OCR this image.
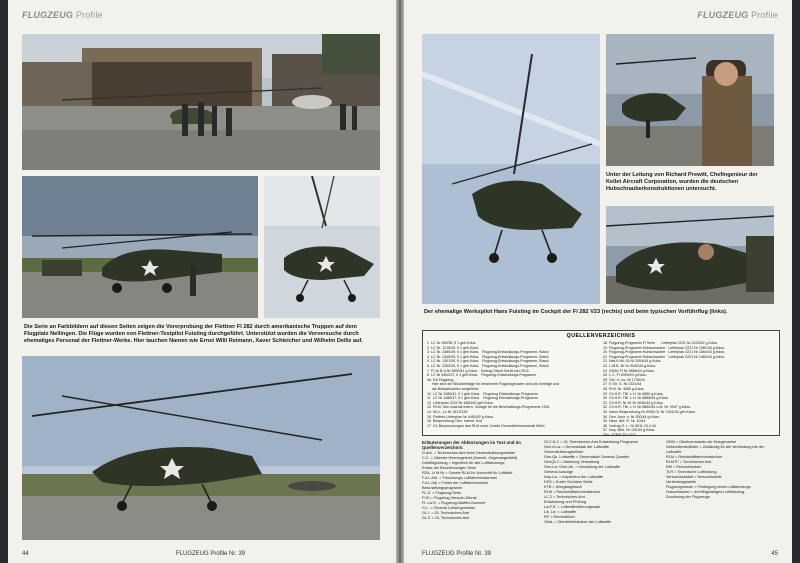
FLUGZEUG Profile
Die Serie an Farbbildern auf diesen Seiten zeigen die Vorerprobung der Flettner Fl 282 durch amerikanische Truppen auf dem Flugplatz Nellingen. Die Flüge wurden von Flettner-Testpilot Fuisting durchgeführt. Unterstützt wurden die Vorversuche durch ehemaliges Personal der Flettner-Werke. Hier tauchen Namen wie Ernst Willi Reimann, Xaver Schleicher und Wilhelm Delliz auf.
44	FLUGZEUG Profile Nr. 39
FLUGZEUG Profile
Unter der Leitung von Richard Prewitt, Chefingenieur der Kellet Aircraft Corporation, wurden die deutschen Hubschrauberkonstruktionen untersucht.
Der ehemalige Werkspilot Hans Fuisting im Cockpit der Fl 282 V23 (rechts) und beim typischen Vorführflug (links).
QUELLENVERZEICHNIS
1  LC Nr 289/35, fl 1 geh.Kdos.
2  LC Nr. 1218/39, fl 1 geh.Kdos.
3  LC Nr. 2480/39, fl 1 geh.Kdos.   Flugzeug-Entwicklungs-Programm, Stand
4  LC Nr. 1345/39, fl 1 geh.Kdos.   Flugzeug-Entwicklungs-Programm, Stand
5  LC Nr. 1301/39, fl 1 geh.Kdos.   Flugzeug-Entwicklungs-Programm, Stand
6  LC Nr. 2350/39, fl 1 geh.Kdos.   Flugzeug-Entwicklungs-Programm, Stand
7  Fl 2e B-A Nr 8090/41 g Kdos.   Vortrag Stand Gerät vom 30.6.
8  LC Nr 4452/37, fl 1 geh.Kdos.   Flugzeug-Entwicklungs-Programm
9a  EA Flugzeug
Hier sind die Stückbeiträge für bestimmte Flugzeugmuster sind als Vorträge und
als Beispielzahlen aufgeführt.
10  LC Nr 1080/41, fl 1 geh.Kdos.   Flugzeug Entwicklungs Programm
11  LC Nr 1486/37, fl 1 geh.Kdos.   Flugzeug Entwicklungs-Programm
12  Lieferplan 2222 Nr 4883/42 geh.Kdos.
13  RLM, Gen.Ausrüst.Intern. Vorlage für die Beschaffungs-Programme 1941
14  W.U., Lo Nr 2412/139
15  Flettner Lieferplan Nr 4450/42 g Kdos.
16  Besprechung Gen. Intend. Kos
17  GL Besprechungen des RLM unter Vorsitz Generalfeldmarschall Milch
18  Flugzeug-Programm Fl Serie      Lieferplan 2221 Nr 2223/42 g.Kdos.
19  Flugzeug-Programm Hubschrauber   Lieferplan 2221 Nr 1581/43 g.Kdos.
20  Flugzeug-Programm Hubschrauber   Lieferplan 2221 Nr 1664/43 g.Kdos.
21  Flugzeug-Programm Hubschrauber   Lieferplan 2221 Nr 1460/44 g.Kdos.
22  Nes II Mo 15 Nr 2004/44 g.Kdos.
23  L.W.B. Br Nr 3042/44 g.Kdos.
24  GHAV Fl Nr 9886/44 g.Kdos.
25  L.C. Fl 4099/43 g.Kdos.
26  Gst. d. Lw. Nr 1705/44
27  E Str. G. Nr 2321/44
28  Prüf. Nr. 4080 g.Kdos.
29  Ch.H.R. Tilli. L.H. Nr 8860 g.Kdos.
30  Ch.H.R. Tilli. L.H. Nr 8885/44 g.Kdos.
31  Ch.H.R. Nr 81 Nr 9036/44 g.Kdos.
32  Ch.H.R. Tilli. L.H. Nr 8860/44 u.M. Nr. 9007 g.Kdos.
33  Intern Besprechung Nr 9008 GL Nr 1901/42 geh.Kdos.
34  Gen. Ausr. u. Nr 300/44 g.Kdos.
35  Nesz. Abt. R. Nr. 10/44
36  Vortrag G. L. Nr 9011 24.4.44
37  Insp. Betr. Nr 100/44 g.Kdos.
38a  XTBIS 'FLUGS'
Erläuterungen der Abkürzungen im Text und im Quellenverzeichnis:
D.Arb. = Technisches Amt beim Generalluftzeugmeister
C.C. = Oberste Heeresgericht (Amerik. Gegenangestellt)
Drehflügelzeug = eigentlich für alle Luftfahrzeuge
Erlass der Bezeichnungen Serie
RZA- Lt M Nr = Gesetz RLM-Nr Vorschrift für Luftfahrt
F.d.L.Arb. = Forschungs-Luftfahrtministerium
F.d.L./Ab = Fehler der Luftfahrtindustrie
Beschaffungsprogramm
FL.S. = Flugzeug-Serie
FVD = Flugzeug-Versuch-Dienst
Fl.-Lw.S. = Flugzeug-Waffen-Nummer
G.L. = General Luftzeugmeister
GL.I. = GL Technisches Amt
GL.E = GL Technisches Amt
Gl.C.Ü.C = GL Technisches Amt Entwicklung Programm
Gen.d.Lw. = Generalstab der Luftwaffe
Generalluftzeugmeister
Gen.Qu. Luftwaffe = Generalstab General-Quartier
GenQu 2 = Abteilung Verwaltung
Gen.Lw.+Gen.Ab. = Verwaltung der Luftwaffe
General Auszüge
Insp.Lw. = Inspekteur der Luftwaffe
KSS = Kurier Schützer Stelle
KTB = Kriegstagebuch
RLM = Reichsluftfahrtministerium
LC 2 = Technisches Amt
Entwicklung und Prüfung
Lw.F.S. = Luftwaffenführungsstab
Lw. Lw. = Luftwaffe
RF = Reichsführer
ObdL = Oberbefehlshaber der Luftwaffe
OKM = Oberkommando der Kriegsmarine
Nebendienstoffizier = Zuständig für die Verbindung mit der Luftwaffe
RLM = Reichsluftfahrtministerium
RLMTF = Technisches Amt
RM = Reichsminister
TLR = Technische Luftrüstung
Versuchsanstalt = Versuchsstelle
Verbindungsstelle
Flugzeugmuster = Festlegung eines Luftfahrzeugs
Hubschrauber = drehflügelartiges Luftfahrzeug
Zuordnung der Flugzeuge
FLUGZEUG Profile Nr. 39	45
